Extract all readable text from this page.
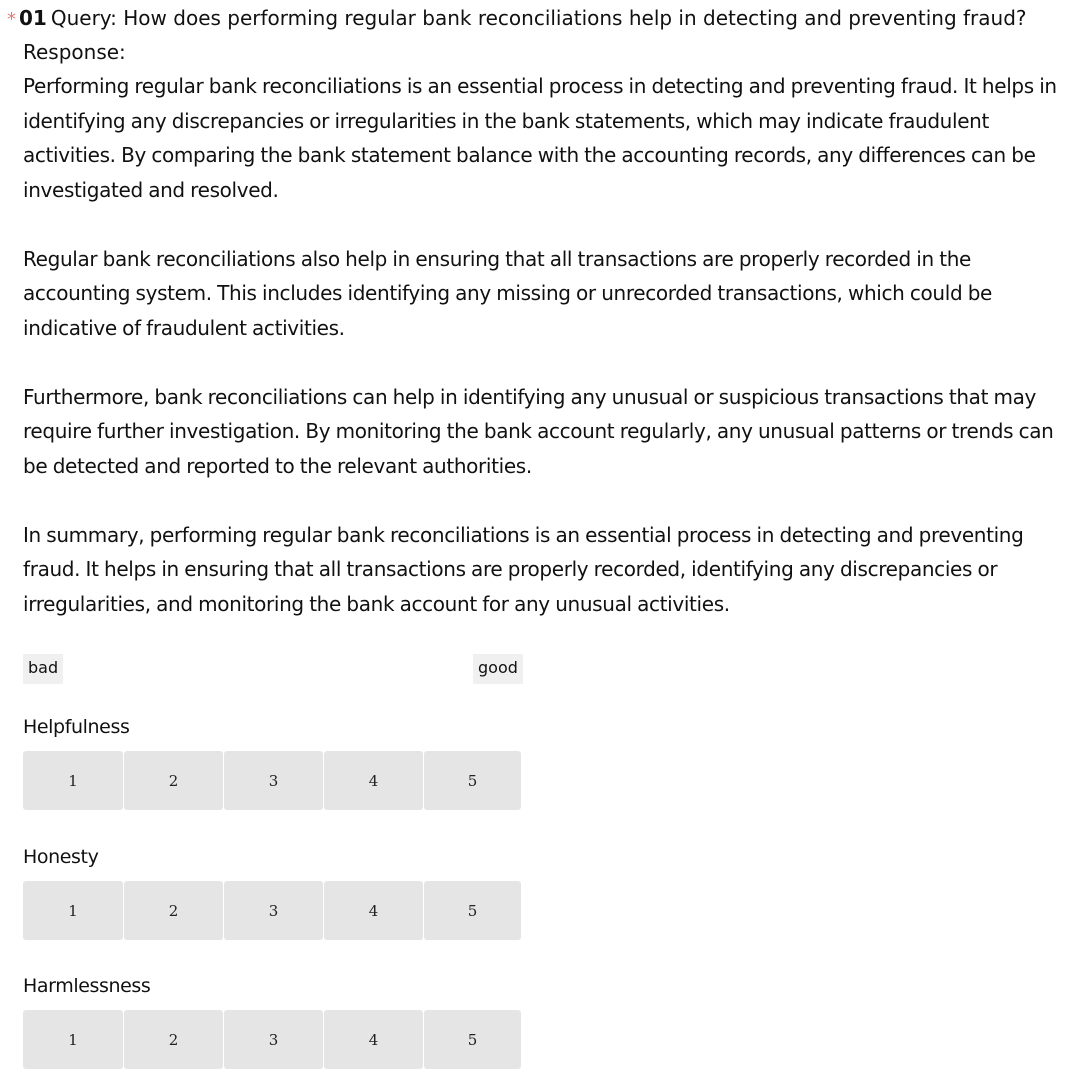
* 01 Query: How does performing regular bank reconciliations help in detecting and preventing fraud?
Response:

Performing regular bank reconciliations is an essential process in detecting and preventing fraud. It helps in identifying any discrepancies or irregularities in the bank statements, which may indicate fraudulent activities. By comparing the bank statement balance with the accounting records, any differences can be investigated and resolved.

Regular bank reconciliations also help in ensuring that all transactions are properly recorded in the accounting system. This includes identifying any missing or unrecorded transactions, which could be indicative of fraudulent activities.

Furthermore, bank reconciliations can help in identifying any unusual or suspicious transactions that may require further investigation. By monitoring the bank account regularly, any unusual patterns or trends can be detected and reported to the relevant authorities.

In summary, performing regular bank reconciliations is an essential process in detecting and preventing fraud. It helps in ensuring that all transactions are properly recorded, identifying any discrepancies or irregularities, and monitoring the bank account for any unusual activities.

bad	good
Helpfulness
1	2	3	4	5
Honesty
1	2	3	4	5
Harmlessness
1	2	3	4	5
